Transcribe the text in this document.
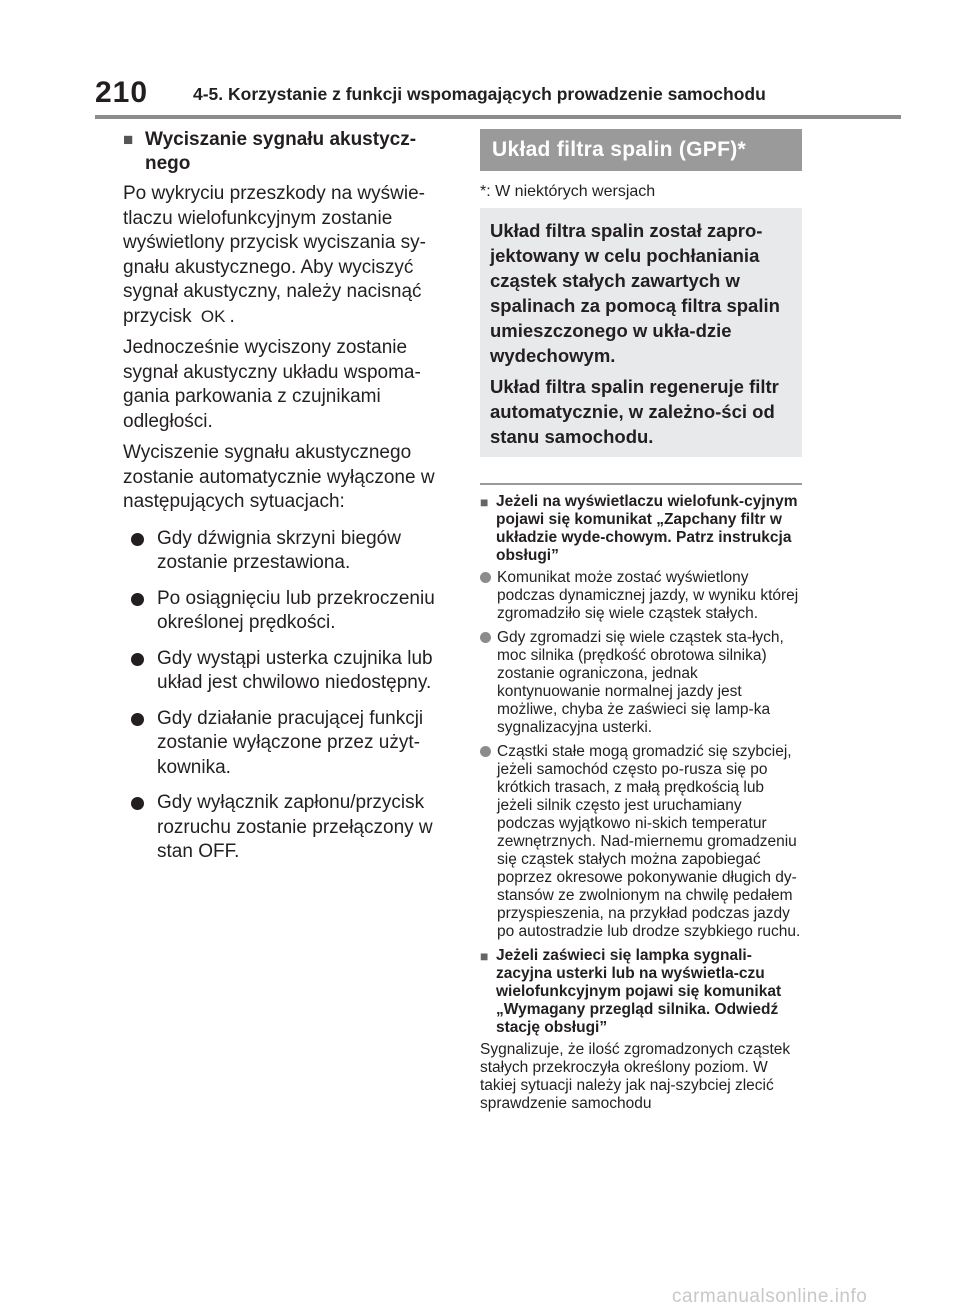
210	4-5. Korzystanie z funkcji wspomagających prowadzenie samochodu
■ Wyciszanie sygnału akustycz-nego

Po wykryciu przeszkody na wyświe-tlaczu wielofunkcyjnym zostanie wyświetlony przycisk wyciszania sy-gnału akustycznego. Aby wyciszyć sygnał akustyczny, należy nacisnąć przycisk OK .

Jednocześnie wyciszony zostanie sygnał akustyczny układu wspoma-gania parkowania z czujnikami odległości.

Wyciszenie sygnału akustycznego zostanie automatycznie wyłączone w następujących sytuacjach:

Gdy dźwignia skrzyni biegów zostanie przestawiona.
Po osiągnięciu lub przekroczeniu określonej prędkości.
Gdy wystąpi usterka czujnika lub układ jest chwilowo niedostępny.
Gdy działanie pracującej funkcji zostanie wyłączone przez użyt-kownika.
Gdy wyłącznik zapłonu/przycisk rozruchu zostanie przełączony w stan OFF.
Układ filtra spalin (GPF)*
*: W niektórych wersjach

Układ filtra spalin został zapro-jektowany w celu pochłaniania cząstek stałych zawartych w spalinach za pomocą filtra spalin umieszczonego w ukła-dzie wydechowym.

Układ filtra spalin regeneruje filtr automatycznie, w zależno-ści od stanu samochodu.

■ Jeżeli na wyświetlaczu wielofunk-cyjnym pojawi się komunikat „Zapchany filtr w układzie wyde-chowym. Patrz instrukcja obsługi”
Komunikat może zostać wyświetlony podczas dynamicznej jazdy, w wyniku której zgromadziło się wiele cząstek stałych.
Gdy zgromadzi się wiele cząstek sta-łych, moc silnika (prędkość obrotowa silnika) zostanie ograniczona, jednak kontynuowanie normalnej jazdy jest możliwe, chyba że zaświeci się lamp-ka sygnalizacyjna usterki.
Cząstki stałe mogą gromadzić się szybciej, jeżeli samochód często po-rusza się po krótkich trasach, z małą prędkością lub jeżeli silnik często jest uruchamiany podczas wyjątkowo ni-skich temperatur zewnętrznych. Nad-miernemu gromadzeniu się cząstek stałych można zapobiegać poprzez okresowe pokonywanie długich dy-stansów ze zwolnionym na chwilę pedałem przyspieszenia, na przykład podczas jazdy po autostradzie lub drodze szybkiego ruchu.
■ Jeżeli zaświeci się lampka sygnali-zacyjna usterki lub na wyświetla-czu wielofunkcyjnym pojawi się komunikat „Wymagany przegląd silnika. Odwiedź stację obsługi”

Sygnalizuje, że ilość zgromadzonych cząstek stałych przekroczyła określony poziom. W takiej sytuacji należy jak naj-szybciej zlecić sprawdzenie samochodu

carmanualsonline.info
